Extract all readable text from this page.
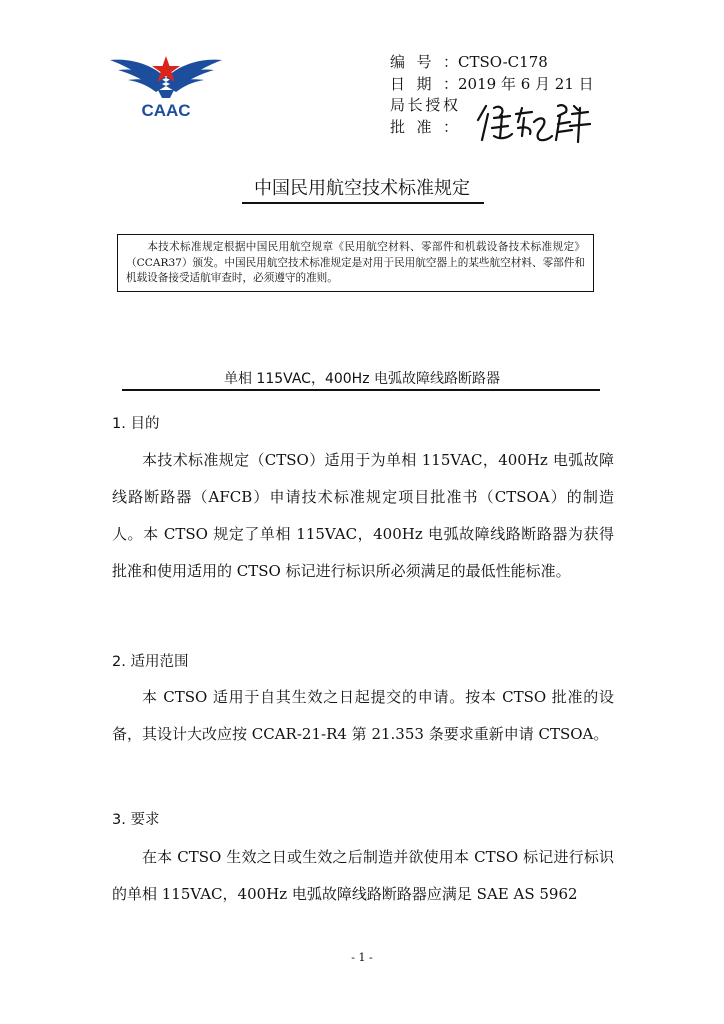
CAAC
编号：CTSO-C178
日期：2019 年 6 月 21 日
局长授权
批准：
中国民用航空技术标准规定
本技术标准规定根据中国民用航空规章《民用航空材料、零部件和机载设备技术标准规定》（CCAR37）颁发。中国民用航空技术标准规定是对用于民用航空器上的某些航空材料、零部件和机载设备接受适航审查时，必须遵守的准则。
单相 115VAC，400Hz 电弧故障线路断路器
1. 目的
本技术标准规定（CTSO）适用于为单相 115VAC，400Hz 电弧故障线路断路器（AFCB）申请技术标准规定项目批准书（CTSOA）的制造人。本 CTSO 规定了单相 115VAC，400Hz 电弧故障线路断路器为获得批准和使用适用的 CTSO 标记进行标识所必须满足的最低性能标准。
2. 适用范围
本 CTSO 适用于自其生效之日起提交的申请。按本 CTSO 批准的设备，其设计大改应按 CCAR-21-R4 第 21.353 条要求重新申请 CTSOA。
3. 要求
在本 CTSO 生效之日或生效之后制造并欲使用本 CTSO 标记进行标识的单相 115VAC，400Hz 电弧故障线路断路器应满足 SAE AS 5962
- 1 -
